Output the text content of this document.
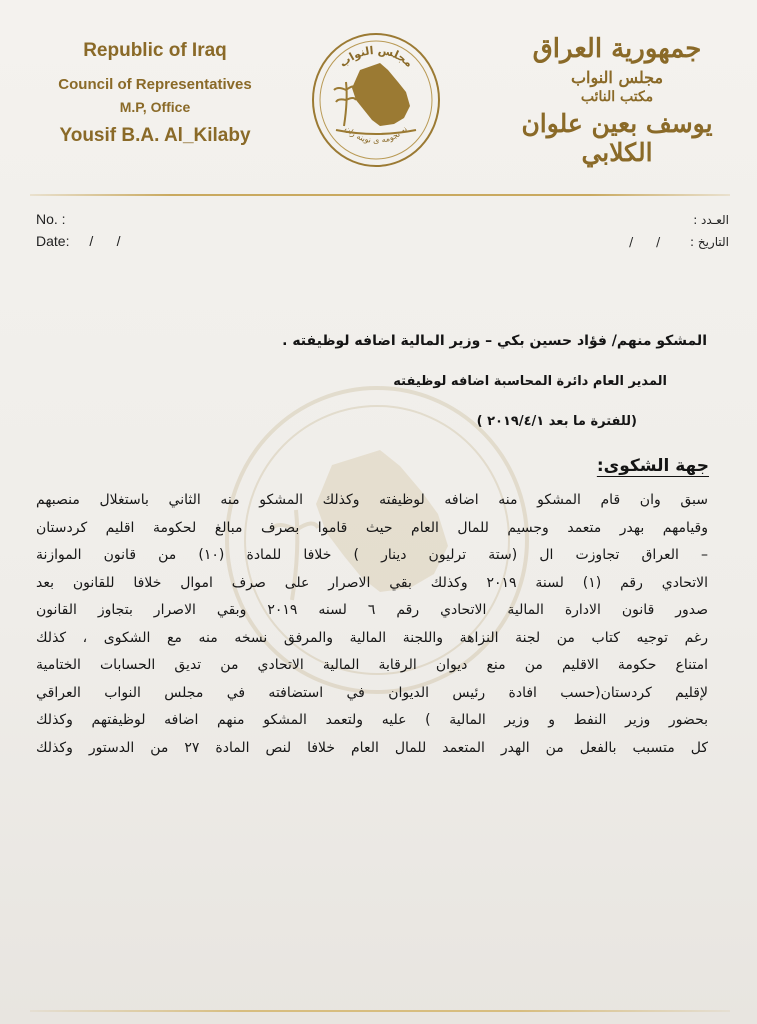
Republic of Iraq
Council of Representatives
M.P, Office
Yousif B.A. Al_Kilaby
مجلس النواب
نه نجومه ى نوينه ران
جمهورية العراق
مجلس النواب
مكتب النائب
يوسف بعين علوان الكلابي
No. :
Date: /      /
العـدد :
التاريخ : /      /
المشكو منهم/ فؤاد حسين بكي – وزير المالية اضافه لوظيفته .
المدير العام دائرة المحاسبة اضافه لوظيفته
(للفترة ما بعد ٢٠١٩/٤/١ )
جهة الشكوى:
سبق وان قام المشكو منه اضافه لوظيفته وكذلك المشكو منه الثاني باستغلال منصبهم
وقيامهم بهدر متعمد وجسيم للمال العام حيث قاموا بصرف مبالغ لحكومة اقليم كردستان
– العراق تجاوزت ال (ستة ترليون دينار ) خلافا للمادة (١٠) من قانون الموازنة
الاتحادي رقم (١) لسنة ٢٠١٩ وكذلك بقي الاصرار على صرف اموال خلافا للقانون بعد
صدور قانون الادارة المالية الاتحادي رقم ٦ لسنه ٢٠١٩ وبقي الاصرار بتجاوز القانون
رغم توجيه كتاب من لجنة النزاهة واللجنة المالية والمرفق نسخه منه مع الشكوى ، كذلك
امتناع حكومة الاقليم من منع ديوان الرقابة المالية الاتحادي من تديق الحسابات الختامية
لإقليم كردستان(حسب افادة رئيس الديوان في استضافته في مجلس النواب العراقي
بحضور وزير النفط و وزير المالية ) عليه ولتعمد المشكو منهم اضافه لوظيفتهم وكذلك
كل متسبب بالفعل من الهدر المتعمد للمال العام خلافا لنص المادة ٢٧ من الدستور وكذلك
